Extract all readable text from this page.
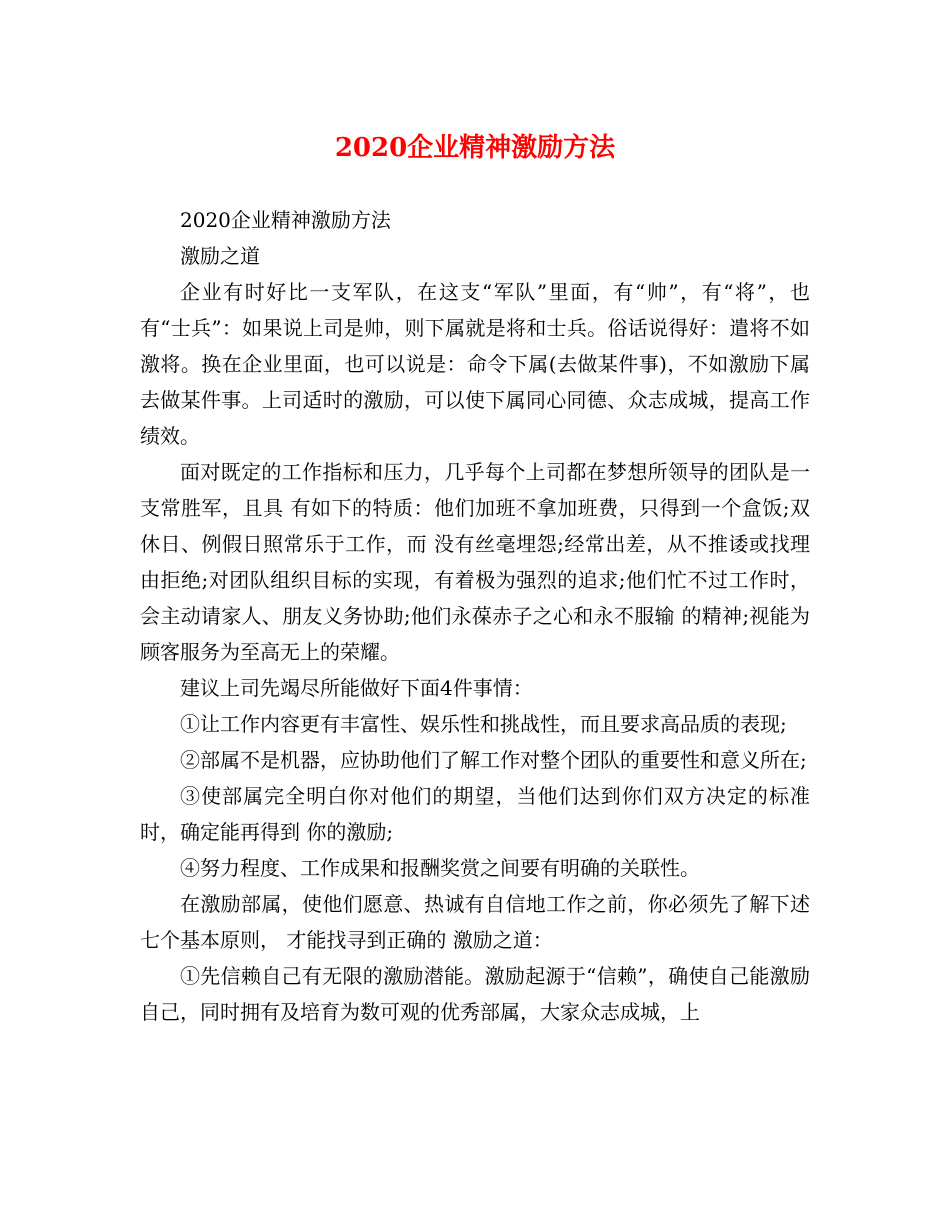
2020企业精神激励方法

2020企业精神激励方法

激励之道

企业有时好比一支军队，在这支“军队”里面，有“帅”，有“将”，也有“士兵”：如果说上司是帅，则下属就是将和士兵。俗话说得好：遣将不如激将。换在企业里面，也可以说是：命令下属(去做某件事)，不如激励下属去做某件事。上司适时的激励，可以使下属同心同德、众志成城，提高工作绩效。

面对既定的工作指标和压力，几乎每个上司都在梦想所领导的团队是一支常胜军，且具 有如下的特质：他们加班不拿加班费，只得到一个盒饭;双休日、例假日照常乐于工作，而 没有丝毫埋怨;经常出差，从不推诿或找理由拒绝;对团队组织目标的实现，有着极为强烈的追求;他们忙不过工作时，会主动请家人、朋友义务协助;他们永葆赤子之心和永不服输 的精神;视能为顾客服务为至高无上的荣耀。

建议上司先竭尽所能做好下面4件事情：

①让工作内容更有丰富性、娱乐性和挑战性，而且要求高品质的表现;

②部属不是机器，应协助他们了解工作对整个团队的重要性和意义所在;

③使部属完全明白你对他们的期望，当他们达到你们双方决定的标准时，确定能再得到 你的激励;

④努力程度、工作成果和报酬奖赏之间要有明确的关联性。

在激励部属，使他们愿意、热诚有自信地工作之前，你必须先了解下述七个基本原则， 才能找寻到正确的 激励之道：

①先信赖自己有无限的激励潜能。激励起源于“信赖”，确使自己能激励自己，同时拥有及培育为数可观的优秀部属，大家众志成城，上
